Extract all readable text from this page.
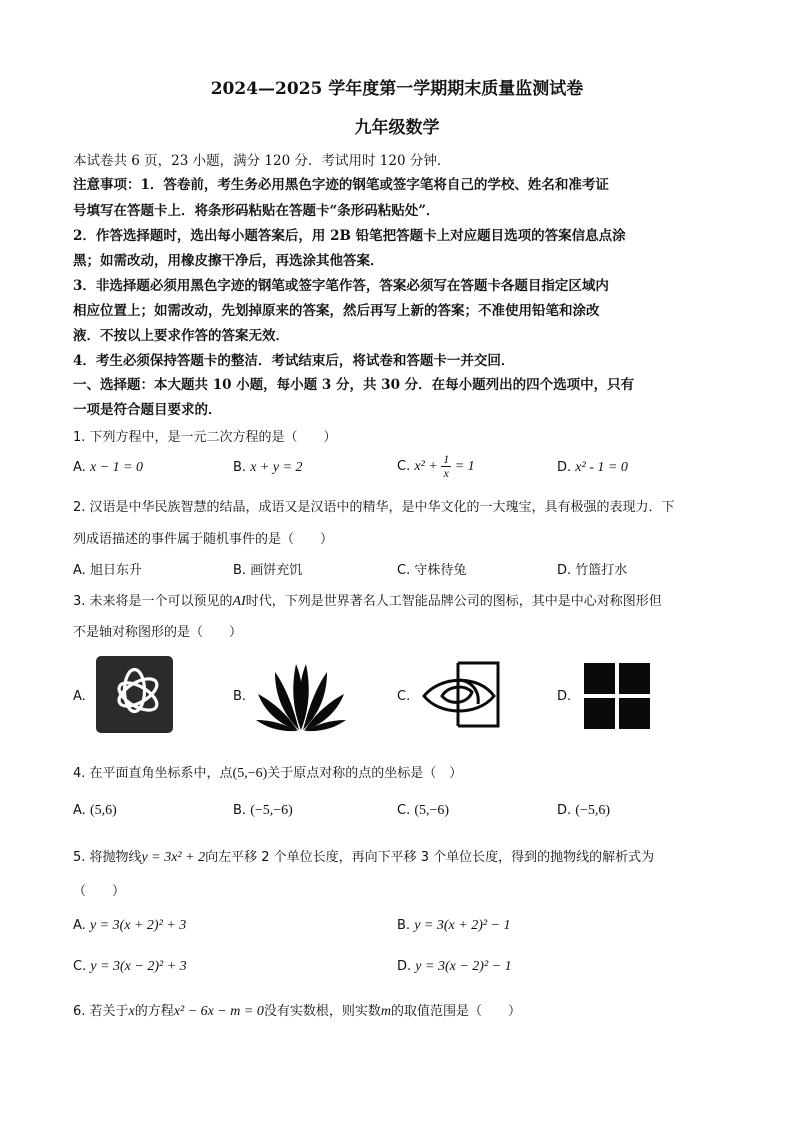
2024—2025 学年度第一学期期末质量监测试卷
九年级数学
本试卷共 6 页，23 小题，满分 120 分．考试用时 120 分钟．
注意事项：1．答卷前，考生务必用黑色字迹的钢笔或签字笔将自己的学校、姓名和准考证
号填写在答题卡上．将条形码粘贴在答题卡“条形码粘贴处”．
2．作答选择题时，选出每小题答案后，用 2B 铅笔把答题卡上对应题目选项的答案信息点涂
黑；如需改动，用橡皮擦干净后，再选涂其他答案．
3．非选择题必须用黑色字迹的钢笔或签字笔作答，答案必须写在答题卡各题目指定区域内
相应位置上；如需改动，先划掉原来的答案，然后再写上新的答案；不准使用铅笔和涂改
液．不按以上要求作答的答案无效．
4．考生必须保持答题卡的整洁．考试结束后，将试卷和答题卡一并交回．
一、选择题：本大题共 10 小题，每小题 3 分，共 30 分．在每小题列出的四个选项中，只有
一项是符合题目要求的．
1. 下列方程中，是一元二次方程的是（　　）
A. x − 1 = 0	B. x + y = 2	C. $x^2 + \frac{1}{x} = 1$	D. x² - 1 = 0
2. 汉语是中华民族智慧的结晶，成语又是汉语中的精华，是中华文化的一大瑰宝，具有极强的表现力．下
列成语描述的事件属于随机事件的是（　　）
A. 旭日东升	B. 画饼充饥	C. 守株待兔	D. 竹篮打水
3. 未来将是一个可以预见的AI时代，下列是世界著名人工智能品牌公司的图标，其中是中心对称图形但
不是轴对称图形的是（　　）
A.	B.	C.	D.
4. 在平面直角坐标系中，点(5,−6)关于原点对称的点的坐标是（　）
A. (5,6)	B. (−5,−6)	C. (5,−6)	D. (−5,6)
5. 将抛物线y = 3x² + 2向左平移 2 个单位长度，再向下平移 3 个单位长度，得到的抛物线的解析式为
（　　）
A. y = 3(x + 2)² + 3	B. y = 3(x + 2)² − 1
C. y = 3(x − 2)² + 3	D. y = 3(x − 2)² − 1
6. 若关于x的方程x² − 6x − m = 0没有实数根，则实数m的取值范围是（　　）
